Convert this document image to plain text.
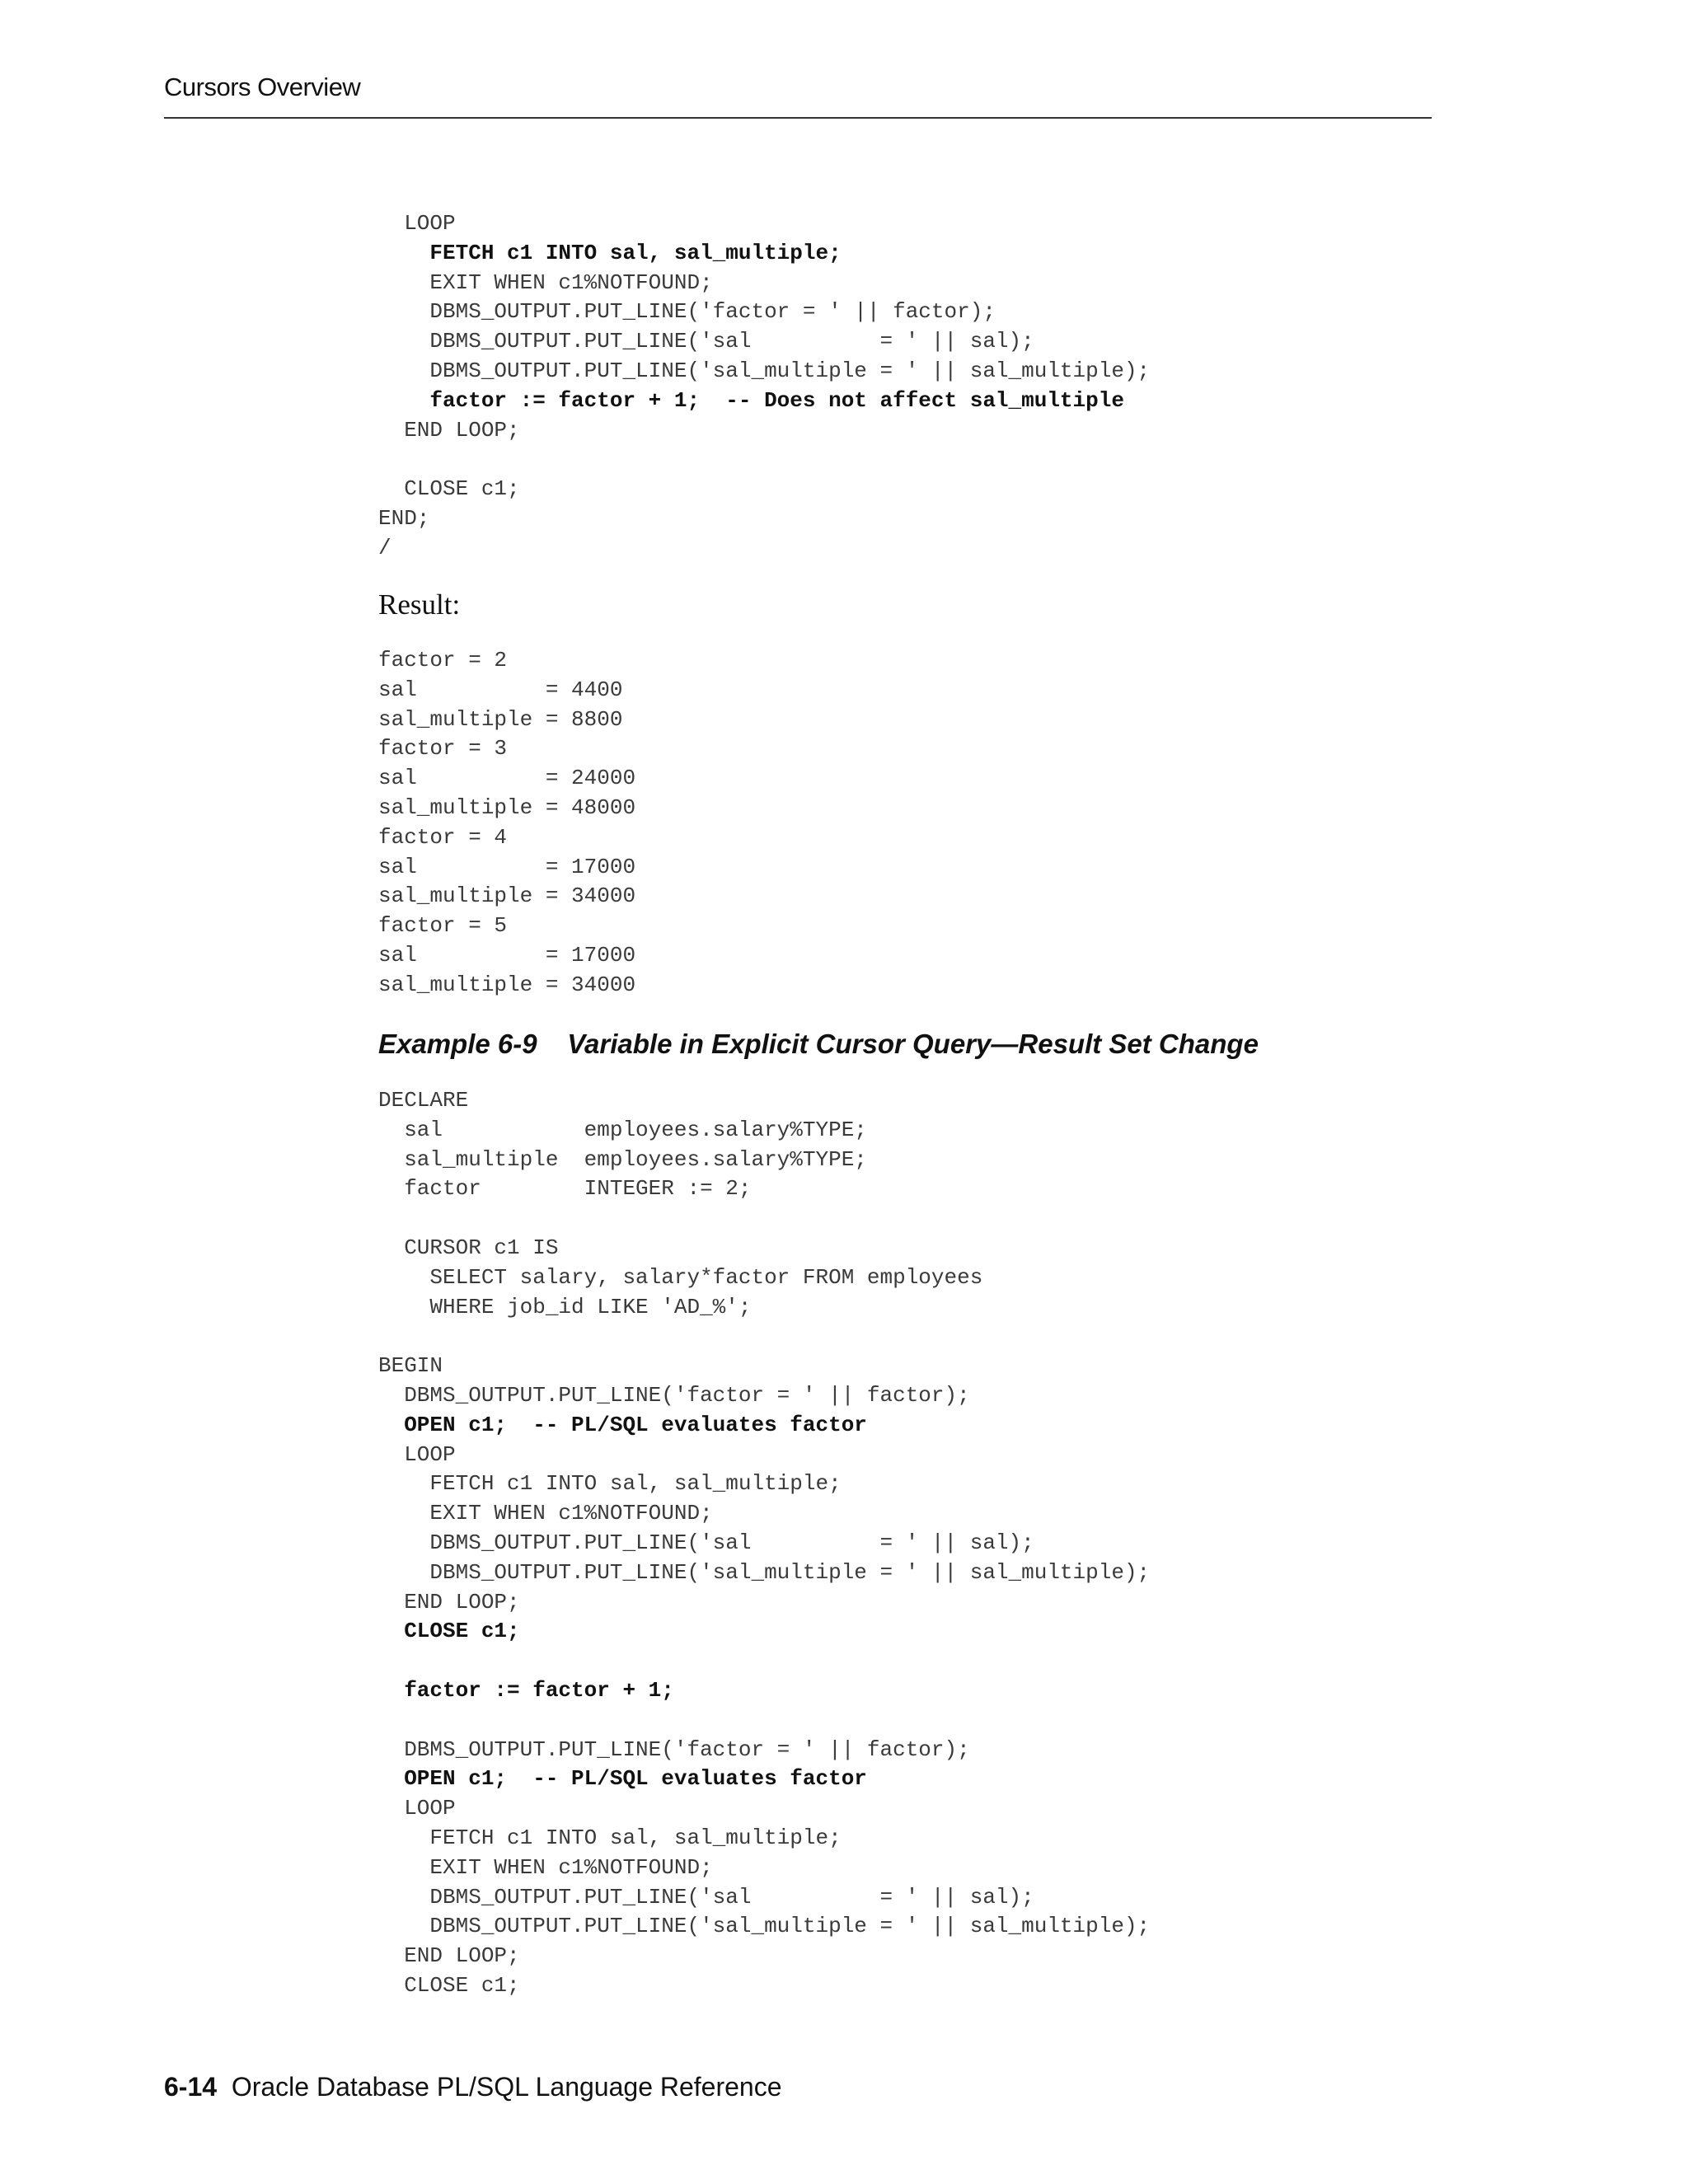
Cursors Overview
LOOP
FETCH c1 INTO sal, sal_multiple;
EXIT WHEN c1%NOTFOUND;
DBMS_OUTPUT.PUT_LINE('factor = ' || factor);
DBMS_OUTPUT.PUT_LINE('sal          = ' || sal);
DBMS_OUTPUT.PUT_LINE('sal_multiple = ' || sal_multiple);
factor := factor + 1;  -- Does not affect sal_multiple
END LOOP;
CLOSE c1;
END;
/
Result:
factor = 2
sal          = 4400
sal_multiple = 8800
factor = 3
sal          = 24000
sal_multiple = 48000
factor = 4
sal          = 17000
sal_multiple = 34000
factor = 5
sal          = 17000
sal_multiple = 34000
Example 6-9    Variable in Explicit Cursor Query—Result Set Change
DECLARE
sal           employees.salary%TYPE;
sal_multiple  employees.salary%TYPE;
factor        INTEGER := 2;
CURSOR c1 IS
SELECT salary, salary*factor FROM employees
WHERE job_id LIKE 'AD_%';
BEGIN
DBMS_OUTPUT.PUT_LINE('factor = ' || factor);
OPEN c1;  -- PL/SQL evaluates factor
LOOP
FETCH c1 INTO sal, sal_multiple;
EXIT WHEN c1%NOTFOUND;
DBMS_OUTPUT.PUT_LINE('sal          = ' || sal);
DBMS_OUTPUT.PUT_LINE('sal_multiple = ' || sal_multiple);
END LOOP;
CLOSE c1;
factor := factor + 1;
DBMS_OUTPUT.PUT_LINE('factor = ' || factor);
OPEN c1;  -- PL/SQL evaluates factor
LOOP
FETCH c1 INTO sal, sal_multiple;
EXIT WHEN c1%NOTFOUND;
DBMS_OUTPUT.PUT_LINE('sal          = ' || sal);
DBMS_OUTPUT.PUT_LINE('sal_multiple = ' || sal_multiple);
END LOOP;
CLOSE c1;
6-14 Oracle Database PL/SQL Language Reference
